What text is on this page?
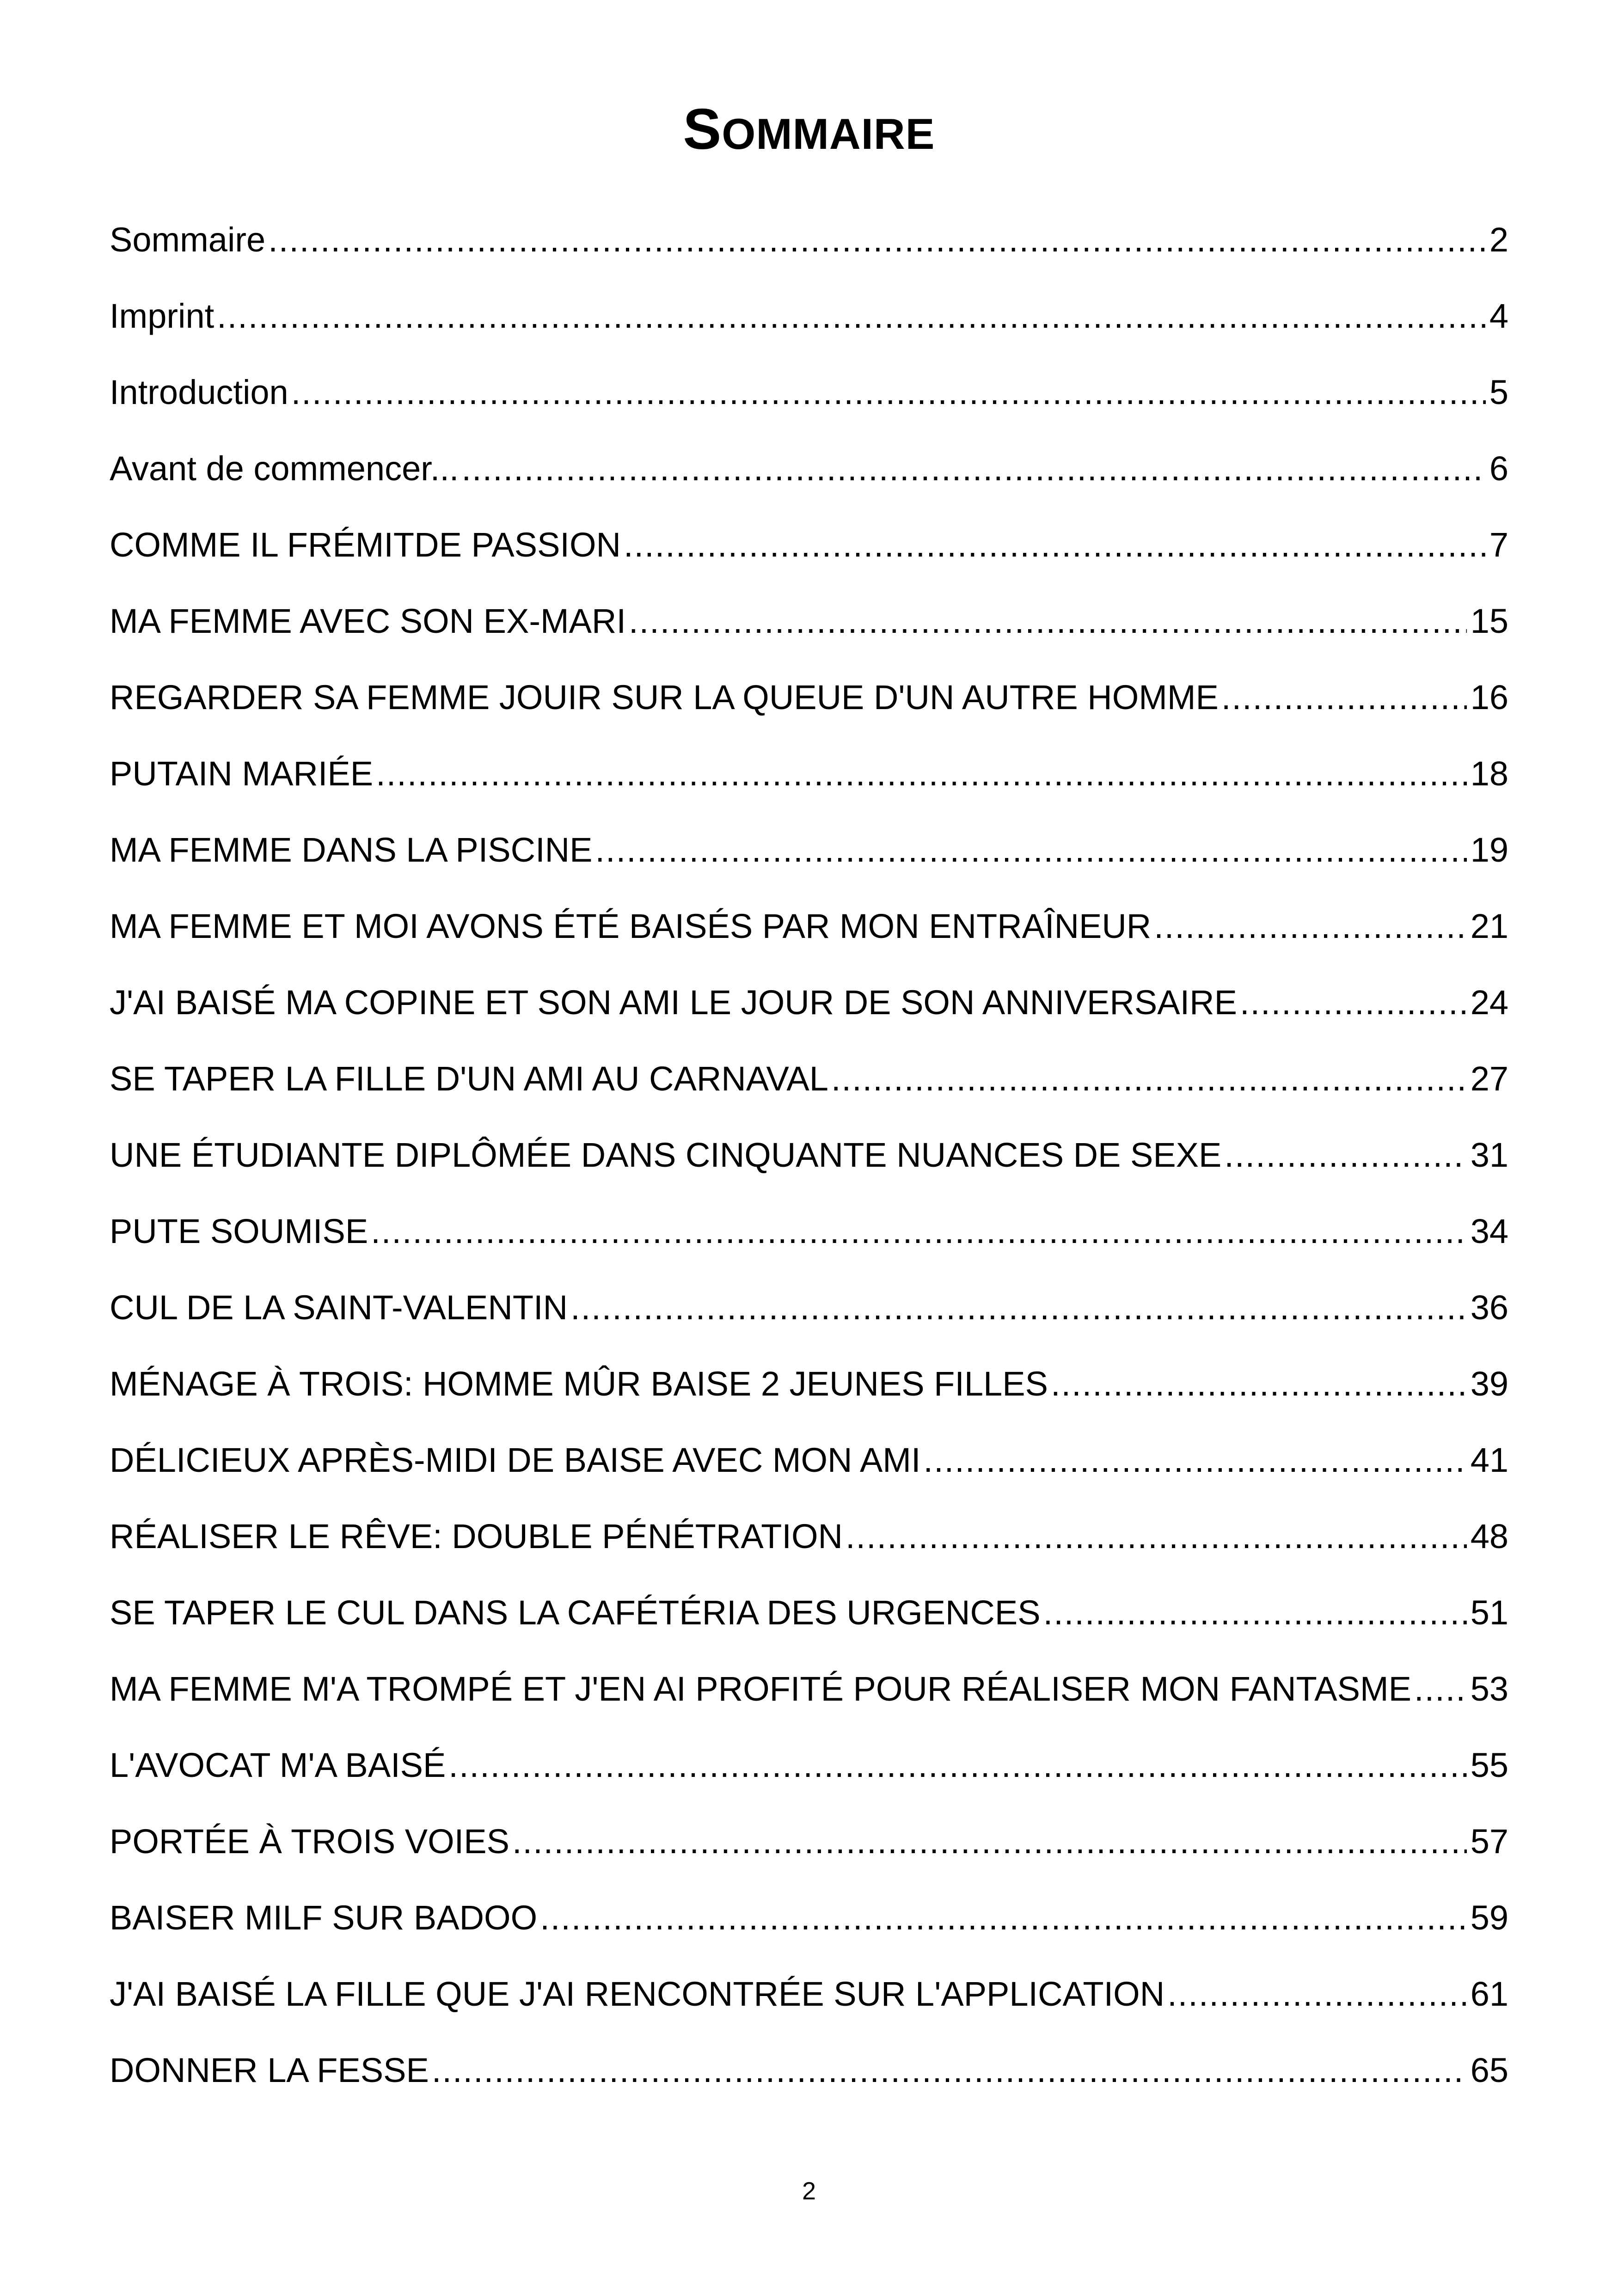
SOMMAIRE
Sommaire .....	2
Imprint .....	4
Introduction .....	5
Avant de commencer... .....	6
COMME IL FRÉMITDE PASSION .....	7
MA FEMME AVEC SON EX-MARI .....	15
REGARDER SA FEMME JOUIR SUR LA QUEUE D'UN AUTRE HOMME .....	16
PUTAIN MARIÉE .....	18
MA FEMME DANS LA PISCINE .....	19
MA FEMME ET MOI AVONS ÉTÉ BAISÉS PAR MON ENTRAÎNEUR .....	21
J'AI BAISÉ MA COPINE ET SON AMI LE JOUR DE SON ANNIVERSAIRE .....	24
SE TAPER LA FILLE D'UN AMI AU CARNAVAL .....	27
UNE ÉTUDIANTE DIPLÔMÉE DANS CINQUANTE NUANCES DE SEXE .....	31
PUTE SOUMISE .....	34
CUL DE LA SAINT-VALENTIN .....	36
MÉNAGE À TROIS: HOMME MÛR BAISE 2 JEUNES FILLES .....	39
DÉLICIEUX APRÈS-MIDI DE BAISE AVEC MON AMI .....	41
RÉALISER LE RÊVE: DOUBLE PÉNÉTRATION .....	48
SE TAPER LE CUL DANS LA CAFÉTÉRIA DES URGENCES .....	51
MA FEMME M'A TROMPÉ ET J'EN AI PROFITÉ POUR RÉALISER MON FANTASME ..... 53
L'AVOCAT M'A BAISÉ .....	55
PORTÉE À TROIS VOIES .....	57
BAISER MILF SUR BADOO .....	59
J'AI BAISÉ LA FILLE QUE J'AI RENCONTRÉE SUR L'APPLICATION .....	61
DONNER LA FESSE .....	65
2
